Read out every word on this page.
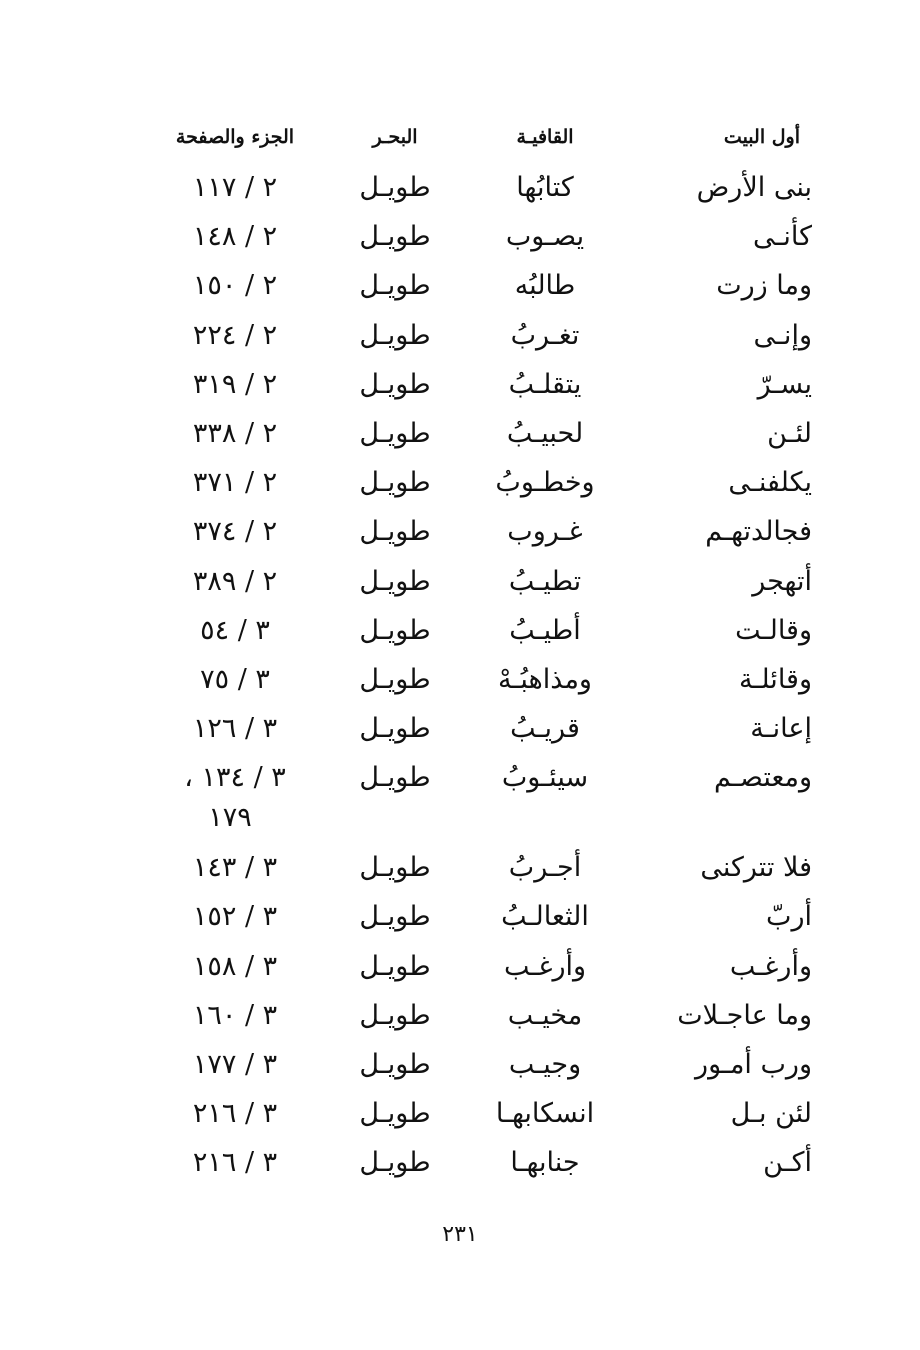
أول البيت
القافيـة
البحـر
الجزء والصفحة
بنى الأرض
كتابُها
طويـل
٢ / ١١٧
كأنـى
يصـوب
طويـل
٢ / ١٤٨
وما زرت
طالبُه
طويـل
٢ / ١٥٠
وإنـى
تغـربُ
طويـل
٢ / ٢٢٤
يسـرّ
يتقلـبُ
طويـل
٢ / ٣١٩
لئـن
لحبيـبُ
طويـل
٢ / ٣٣٨
يكلفنـى
وخطـوبُ
طويـل
٢ / ٣٧١
فجالدتهـم
غـروب
طويـل
٢ / ٣٧٤
أتهجر
تطيـبُ
طويـل
٢ / ٣٨٩
وقالـت
أطيـبُ
طويـل
٣ / ٥٤
وقائلـة
ومذاهبُـهْ
طويـل
٣ / ٧٥
إعانـة
قريـبُ
طويـل
٣ / ١٢٦
ومعتصـم
سيئـوبُ
طويـل
٣ / ١٣٤ ،
١٧٩
فلا تتركنى
أجـربُ
طويـل
٣ / ١٤٣
أربّ
الثعالـبُ
طويـل
٣ / ١٥٢
وأرغـب
وأرغـب
طويـل
٣ / ١٥٨
وما عاجـلات
مخيـب
طويـل
٣ / ١٦٠
ورب أمـور
وجيـب
طويـل
٣ / ١٧٧
لئن بـل
انسكابهـا
طويـل
٣ / ٢١٦
أكـن
جنابهـا
طويـل
٣ / ٢١٦
٢٣١
